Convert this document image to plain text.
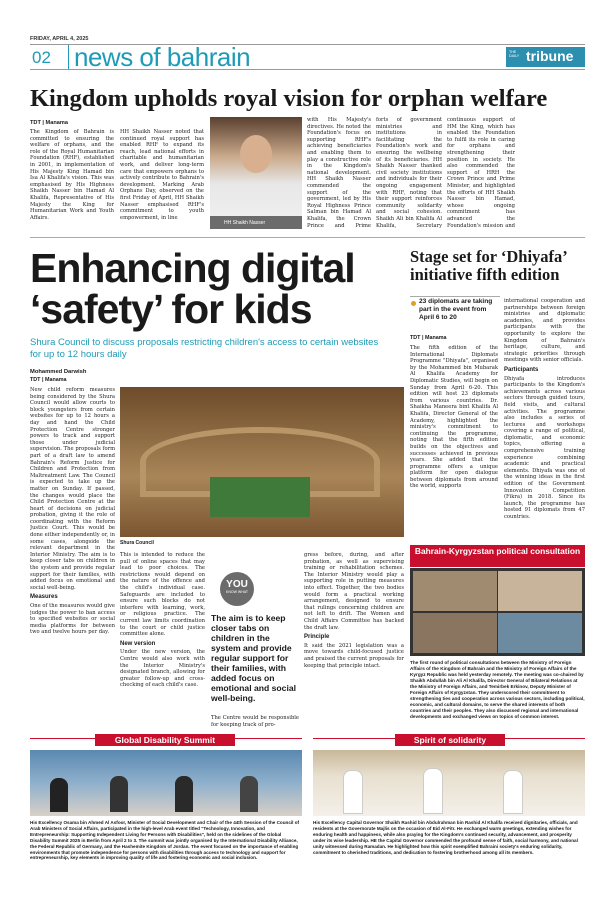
FRIDAY, APRIL 4, 2025
02 news of bahrain	THE DAILY tribune
Kingdom upholds royal vision for orphan welfare
TDT | Manama

The Kingdom of Bahrain is committed to ensuring the welfare of orphans, and the role of the Royal Humanitarian Foundation (RHF), established in 2001, in implementation of His Majesty King Hamad bin Isa Al Khalifa's vision. This was emphasised by His Highness Shaikh Nasser bin Hamad Al Khalifa, Representative of His Majesty the King for Humanitarian Work and Youth Affairs.

HH Shaikh Nasser noted that continued royal support has enabled RHF to expand its reach, lead national efforts in charitable and humanitarian work, and deliver long-term care that empowers orphans to actively contribute to Bahrain's development. Marking Arab Orphans Day, observed on the first Friday of April, HH Shaikh Nasser emphasised RHF's commitment to youth empowerment, in line

HH Shaikh Nasser

with His Majesty's directives. He noted the Foundation's focus on supporting RHF's achieving beneficiaries and enabling them to play a constructive role in the Kingdom's national development. HH Shaikh Nasser commended the support of the government, led by His Royal Highness Prince Salman bin Hamad Al Khalifa, the Crown Prince and Prime

forts of government ministries and institutions in facilitating the Foundation's work and ensuring the wellbeing of its beneficiaries. HH Shaikh Nasser thanked civil society institutions and individuals for their ongoing engagement with RHF, noting that their support reinforces community solidarity and social cohesion. Shaikh Ali bin Khalifa Al Khalifa, Secretary

continuous support of HM the King, which has enabled the Foundation to fulfil its role in caring for orphans and strengthening their position in society. He also commended the support of HRH the Crown Prince and Prime Minister, and highlighted the efforts of HH Shaikh Nasser bin Hamad, whose ongoing commitment has advanced the Foundation's mission and

Enhancing digital ‘safety’ for kids
Shura Council to discuss proposals restricting children's access to certain websites for up to 12 hours daily
Mohammed Darwish
TDT | Manama

New child reform measures being considered by the Shura Council would allow courts to block youngsters from certain websites for up to 12 hours a day and hand the Child Protection Centre stronger powers to track and support those under judicial supervision. The proposals form part of a draft law to amend Bahrain's Reform Justice for Children and Protection from Maltreatment Law. The Council is expected to take up the matter on Sunday. If passed, the changes would place the Child Protection Centre at the heart of decisions on judicial probation, giving it the role of coordinating with the Reform Justice Court. This would be done either independently or, in some cases, alongside the relevant department in the Interior Ministry. The aim is to keep closer tabs on children in the system and provide regular support for their families, with added focus on emotional and social well-being.

Measures

One of the measures would give judges the power to ban access to specified websites or social media platforms for between two and twelve hours per day.

Shura Council

This is intended to reduce the pull of online spaces that may lead to poor choices. The restrictions would depend on the nature of the offence and the child's individual case. Safeguards are included to ensure such blocks do not interfere with learning, work, or religious practice. The current law limits coordination to the court or child justice committee alone.

New version

Under the new version, the Centre would also work with the Interior Ministry's designated branch, allowing for greater follow-up and cross-checking of each child's case.

YOU
KNOW WHAT
The aim is to keep closer tabs on children in the system and provide regular support for their families, with added focus on emotional and social well-being.

The Centre would be responsible for keeping track of pro-

gress before, during, and after probation, as well as supervising training or rehabilitation schemes. The Interior Ministry would play a supporting role in putting measures into effect. Together, the two bodies would form a practical working arrangement, designed to ensure that rulings concerning children are not left to drift. The Women and Child Affairs Committee has backed the draft law.

Principle

It said the 2021 legislation was a move towards child-focused justice and praised the current proposals for keeping that principle intact.

Stage set for ‘Dhiyafa’ initiative fifth edition
23 diplomats are taking part in the event from April 6 to 20
TDT | Manama

The fifth edition of the International Diplomats Programme "Dhiyafa", organised by the Mohammed bin Mubarak Al Khalifa Academy for Diplomatic Studies, will begin on Sunday from April 6-20. This edition will host 23 diplomats from various countries. Dr. Shaikha Maneera bint Khalifa Al Khalifa, Director General of the Academy, highlighted the ministry's commitment to continuing the programme, noting that the fifth edition builds on the objectives and successes achieved in previous years. She added that the programme offers a unique platform for open dialogue between diplomats from around the world, supports

international cooperation and partnerships between foreign ministries and diplomatic academies, and provides participants with the opportunity to explore the Kingdom of Bahrain's heritage, culture, and strategic priorities through meetings with senior officials.

Participants

Dhiyafa introduces participants to the Kingdom's achievements across various sectors through guided tours, field visits, and cultural activities. The programme also includes a series of lectures and workshops covering a range of political, diplomatic, and economic topics, offering a comprehensive training experience combining academic and practical elements. Dhiyafa was one of the winning ideas in the first edition of the Government Innovation Competition (Fikra) in 2018. Since its launch, the programme has hosted 91 diplomats from 47 countries.

Bahrain-Kyrgyzstan political consultation
The first round of political consultations between the Ministry of Foreign Affairs of the Kingdom of Bahrain and the Ministry of Foreign Affairs of the Kyrgyz Republic was held yesterday remotely. The meeting was co-chaired by Shaikh Abdullah bin Ali Al Khalifa, Director General of Bilateral Relations at the Ministry of Foreign Affairs, and Temirbek Erkinov, Deputy Minister of Foreign Affairs of Kyrgyzstan. They underscored their commitment to strengthening ties and cooperation across various sectors, including political, economic, and cultural domains, to serve the shared interests of both countries and their peoples. They also discussed regional and international developments and exchanged views on topics of common interest.
Global Disability Summit
His Excellency Osama bin Ahmed Al Asfoor, Minister of Social Development and Chair of the 44th Session of the Council of Arab Ministers of Social Affairs, participated in the high-level Arab event titled "Technology, Innovation, and Entrepreneurship: Supporting Independent Living for Persons with Disabilities", held on the sidelines of the Global Disability Summit 2025 in Berlin from April 2 to 3. The summit was jointly organised by the International Disability Alliance, the Federal Republic of Germany, and the Hashemite Kingdom of Jordan. The event focused on the importance of enabling environments that promote independence for persons with disabilities through access to technology and support for entrepreneurship, key elements in improving quality of life and fostering economic and social inclusion.
Spirit of solidarity
His Excellency Capital Governor Shaikh Rashid bin Abdulrahman bin Rashid Al Khalifa received dignitaries, officials, and residents at the Governorate Majlis on the occasion of Eid Al-Fitr. He exchanged warm greetings, extending wishes for enduring health and happiness, while also praying for the Kingdom's continued security, advancement, and prosperity under its wise leadership. HE the Capital Governor commended the profound sense of faith, social harmony, and national unity witnessed during Ramadan. He highlighted how this spirit exemplified Bahraini society's enduring solidarity, commitment to cherished traditions, and dedication to fostering brotherhood among all its members.
